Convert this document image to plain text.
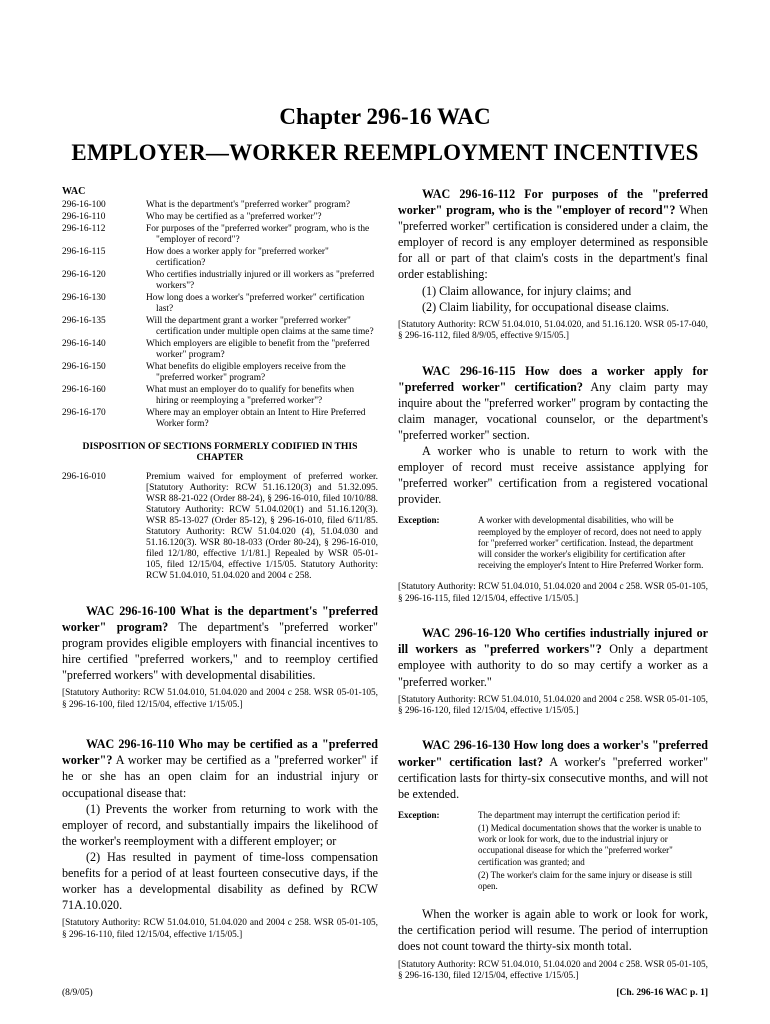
Chapter 296-16 WAC
EMPLOYER—WORKER REEMPLOYMENT INCENTIVES
WAC
296-16-100	What is the department's "preferred worker" program?
296-16-110	Who may be certified as a "preferred worker"?
296-16-112	For purposes of the "preferred worker" program, who is the "employer of record"?
296-16-115	How does a worker apply for "preferred worker" certification?
296-16-120	Who certifies industrially injured or ill workers as "preferred workers"?
296-16-130	How long does a worker's "preferred worker" certification last?
296-16-135	Will the department grant a worker "preferred worker" certification under multiple open claims at the same time?
296-16-140	Which employers are eligible to benefit from the "preferred worker" program?
296-16-150	What benefits do eligible employers receive from the "preferred worker" program?
296-16-160	What must an employer do to qualify for benefits when hiring or reemploying a "preferred worker"?
296-16-170	Where may an employer obtain an Intent to Hire Preferred Worker form?
DISPOSITION OF SECTIONS FORMERLY CODIFIED IN THIS CHAPTER
296-16-010	Premium waived for employment of preferred worker. [Statutory Authority: RCW 51.16.120(3) and 51.32.095. WSR 88-21-022 (Order 88-24), § 296-16-010, filed 10/10/88. Statutory Authority: RCW 51.04.020(1) and 51.16.120(3). WSR 85-13-027 (Order 85-12), § 296-16-010, filed 6/11/85. Statutory Authority: RCW 51.04.020 (4), 51.04.030 and 51.16.120(3). WSR 80-18-033 (Order 80-24), § 296-16-010, filed 12/1/80, effective 1/1/81.] Repealed by WSR 05-01-105, filed 12/15/04, effective 1/15/05. Statutory Authority: RCW 51.04.010, 51.04.020 and 2004 c 258.

WAC 296-16-100 What is the department's "preferred worker" program? The department's "preferred worker" program provides eligible employers with financial incentives to hire certified "preferred workers," and to reemploy certified "preferred workers" with developmental disabilities.

[Statutory Authority: RCW 51.04.010, 51.04.020 and 2004 c 258. WSR 05-01-105, § 296-16-100, filed 12/15/04, effective 1/15/05.]

WAC 296-16-110 Who may be certified as a "preferred worker"? A worker may be certified as a "preferred worker" if he or she has an open claim for an industrial injury or occupational disease that:

(1) Prevents the worker from returning to work with the employer of record, and substantially impairs the likelihood of the worker's reemployment with a different employer; or

(2) Has resulted in payment of time-loss compensation benefits for a period of at least fourteen consecutive days, if the worker has a developmental disability as defined by RCW 71A.10.020.

[Statutory Authority: RCW 51.04.010, 51.04.020 and 2004 c 258. WSR 05-01-105, § 296-16-110, filed 12/15/04, effective 1/15/05.]

WAC 296-16-112 For purposes of the "preferred worker" program, who is the "employer of record"? When "preferred worker" certification is considered under a claim, the employer of record is any employer determined as responsible for all or part of that claim's costs in the department's final order establishing:

(1) Claim allowance, for injury claims; and

(2) Claim liability, for occupational disease claims.

[Statutory Authority: RCW 51.04.010, 51.04.020, and 51.16.120. WSR 05-17-040, § 296-16-112, filed 8/9/05, effective 9/15/05.]

WAC 296-16-115 How does a worker apply for "preferred worker" certification? Any claim party may inquire about the "preferred worker" program by contacting the claim manager, vocational counselor, or the department's "preferred worker" section.

A worker who is unable to return to work with the employer of record must receive assistance applying for "preferred worker" certification from a registered vocational provider.

Exception:	A worker with developmental disabilities, who will be reemployed by the employer of record, does not need to apply for "preferred worker" certification. Instead, the department will consider the worker's eligibility for certification after receiving the employer's Intent to Hire Preferred Worker form.

[Statutory Authority: RCW 51.04.010, 51.04.020 and 2004 c 258. WSR 05-01-105, § 296-16-115, filed 12/15/04, effective 1/15/05.]

WAC 296-16-120 Who certifies industrially injured or ill workers as "preferred workers"? Only a department employee with authority to do so may certify a worker as a "preferred worker."

[Statutory Authority: RCW 51.04.010, 51.04.020 and 2004 c 258. WSR 05-01-105, § 296-16-120, filed 12/15/04, effective 1/15/05.]

WAC 296-16-130 How long does a worker's "preferred worker" certification last? A worker's "preferred worker" certification lasts for thirty-six consecutive months, and will not be extended.

Exception:	The department may interrupt the certification period if:

(1) Medical documentation shows that the worker is unable to work or look for work, due to the industrial injury or occupational disease for which the "preferred worker" certification was granted; and

(2) The worker's claim for the same injury or disease is still open.

When the worker is again able to work or look for work, the certification period will resume. The period of interruption does not count toward the thirty-six month total.

[Statutory Authority: RCW 51.04.010, 51.04.020 and 2004 c 258. WSR 05-01-105, § 296-16-130, filed 12/15/04, effective 1/15/05.]

(8/9/05)	[Ch. 296-16 WAC p. 1]
